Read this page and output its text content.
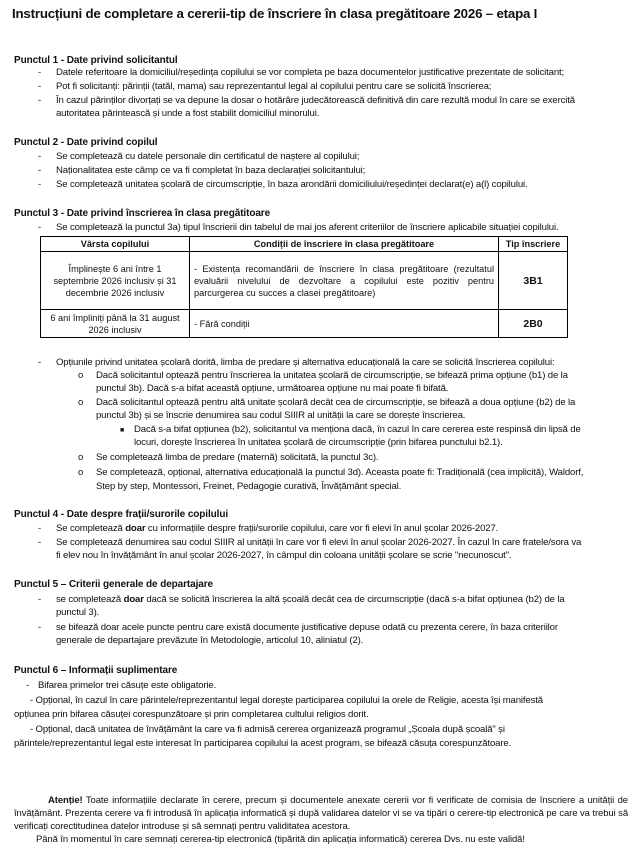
Instrucțiuni de completare a cererii-tip de înscriere în clasa pregătitoare 2026 – etapa I
Punctul 1 - Date privind solicitantul
- Datele referitoare la domiciliul/reședința copilului se vor completa pe baza documentelor justificative prezentate de solicitant;
- Pot fi solicitanți: părinții (tatăl, mama) sau reprezentantul legal al copilului pentru care se solicită înscrierea;
- În cazul părinților divorțați se va depune la dosar o hotărâre judecătorească definitivă din care rezultă modul în care se exercită
autoritatea părintească și unde a fost stabilit domiciliul minorului.
Punctul 2 - Date privind copilul
- Se completează cu datele personale din certificatul de naștere al copilului;
- Naționalitatea este câmp ce va fi completat în baza declarației solicitantului;
- Se completează unitatea școlară de circumscripție, în baza arondării domiciliului/reședinței declarat(e) a(l) copilului.
Punctul 3 - Date privind înscrierea în clasa pregătitoare
- Se completează la punctul 3a) tipul înscrierii din tabelul de mai jos aferent criteriilor de înscriere aplicabile situației copilului.
Vârsta copilului	Condiții de înscriere în clasa pregătitoare	Tip înscriere
Împlinește 6 ani între 1 septembrie 2026 inclusiv și 31 decembrie 2026 inclusiv	- Existența recomandării de înscriere în clasa pregătitoare (rezultatul evaluării nivelului de dezvoltare a copilului este pozitiv pentru parcurgerea cu succes a clasei pregătitoare)	3B1
6 ani împliniți până la 31 august 2026 inclusiv	- Fără condiții	2B0
- Opțiunile privind unitatea școlară dorită, limba de predare și alternativa educațională la care se solicită înscrierea copilului:
o Dacă solicitantul optează pentru înscrierea la unitatea școlară de circumscripție, se bifează prima opțiune (b1) de la
punctul 3b). Dacă s-a bifat această opțiune, următoarea opțiune nu mai poate fi bifată.
o Dacă solicitantul optează pentru altă unitate școlară decât cea de circumscripție, se bifează a doua opțiune (b2) de la
punctul 3b) și se înscrie denumirea sau codul SIIIR al unității la care se dorește înscrierea.
■ Dacă s-a bifat opțiunea (b2), solicitantul va menționa dacă, în cazul în care cererea este respinsă din lipsă de
locuri, dorește înscrierea în unitatea școlară de circumscripție (prin bifarea punctului b2.1).
o Se completează limba de predare (maternă) solicitată, la punctul 3c).
o Se completează, opțional, alternativa educațională la punctul 3d). Aceasta poate fi: Tradițională (cea implicită), Waldorf,
Step by step, Montessori, Freinet, Pedagogie curativă, Învățământ special.
Punctul 4 - Date despre frații/surorile copilului
- Se completează doar cu informațiile despre frații/surorile copilului, care vor fi elevi în anul școlar 2026-2027.
- Se completează denumirea sau codul SIIIR al unității în care vor fi elevi în anul școlar 2026-2027. În cazul în care fratele/sora va
fi elev nou în învățământ în anul școlar 2026-2027, în câmpul din coloana unității școlare se scrie "necunoscut".
Punctul 5 – Criterii generale de departajare
- se completează doar dacă se solicită înscrierea la altă școală decât cea de circumscripție (dacă s-a bifat opțiunea (b2) de la
punctul 3).
- se bifează doar acele puncte pentru care există documente justificative depuse odată cu prezenta cerere, în baza criteriilor
generale de departajare prevăzute în Metodologie, articolul 10, aliniatul (2).
Punctul 6 – Informații suplimentare
- Bifarea primelor trei căsuțe este obligatorie.
- Opțional, în cazul în care părintele/reprezentantul legal dorește participarea copilului la orele de Religie, acesta își manifestă
opțiunea prin bifarea căsuței corespunzătoare și prin completarea cultului religios dorit.
- Opțional, dacă unitatea de învățământ la care va fi admisă cererea organizează programul „Școala după școală" și
părintele/reprezentantul legal este interesat în participarea copilului la acest program, se bifează căsuța corespunzătoare.
Atenție! Toate informațiile declarate în cerere, precum și documentele anexate cererii vor fi verificate de comisia de înscriere a unității de învățământ. Prezenta cerere va fi introdusă în aplicația informatică și după validarea datelor vi se va tipări o cerere-tip electronică pe care va trebui să verificați corectitudinea datelor introduse și să semnați pentru validitatea acestora.
Până în momentul în care semnați cererea-tip electronică (tipărită din aplicația informatică) cererea Dvs. nu este validă!
